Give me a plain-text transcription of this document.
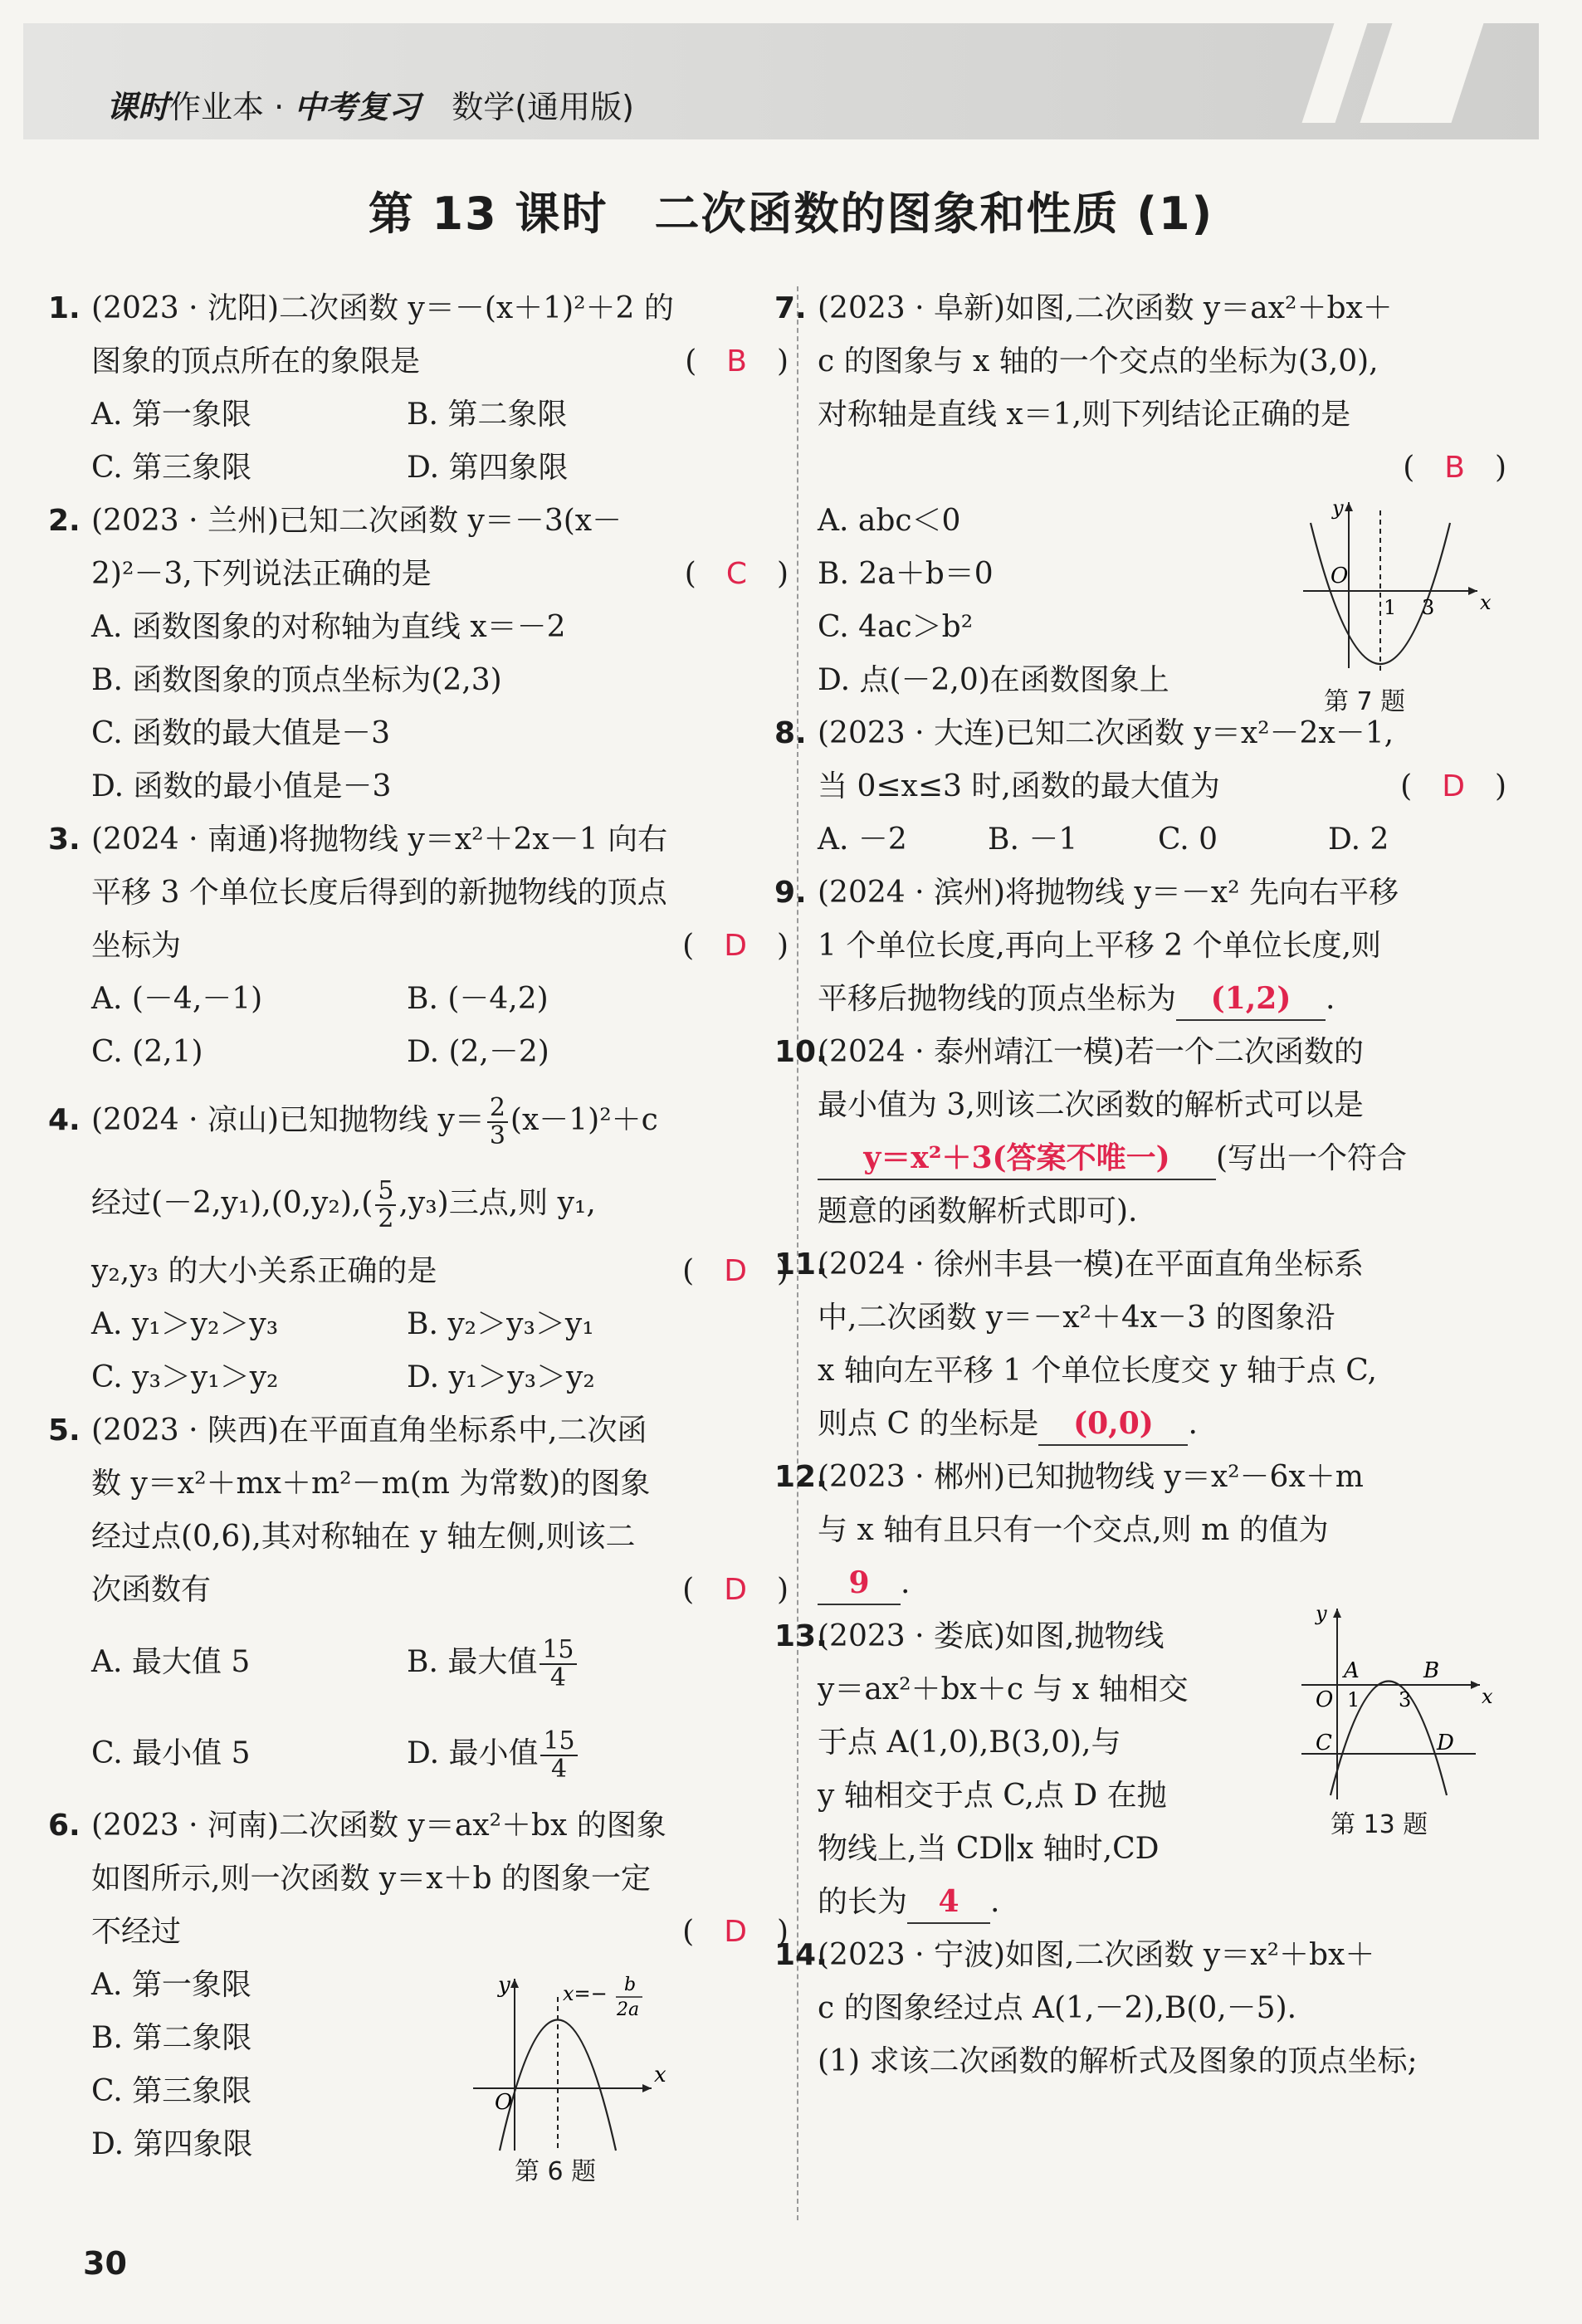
课时作业本 · 中考复习　 数学(通用版)
第 13 课时　二次函数的图象和性质 (1)
1. (2023 · 沈阳)二次函数 y＝－(x＋1)²＋2 的
图象的顶点所在的象限是	(　B　)
A. 第一象限	B. 第二象限
C. 第三象限	D. 第四象限
2. (2023 · 兰州)已知二次函数 y＝－3(x－
2)²－3,下列说法正确的是	(　C　)
A. 函数图象的对称轴为直线 x＝－2
B. 函数图象的顶点坐标为(2,3)
C. 函数的最大值是－3
D. 函数的最小值是－3
3. (2024 · 南通)将抛物线 y＝x²＋2x－1 向右
平移 3 个单位长度后得到的新抛物线的顶点
坐标为	(　D　)
A. (－4,－1)	B. (－4,2)
C. (2,1)	D. (2,－2)
4. (2024 · 凉山)已知抛物线 $y= \frac{2}{3} (x-1)^2+c$
经过$(-2,y_1),(0,y_2),( \frac{5}{2} ,y_3)$三点,则 y₁,
y₂,y₃ 的大小关系正确的是	(　D　)
A. y₁＞y₂＞y₃	B. y₂＞y₃＞y₁
C. y₃＞y₁＞y₂	D. y₁＞y₃＞y₂
5. (2023 · 陕西)在平面直角坐标系中,二次函
数 y＝x²＋mx＋m²－m(m 为常数)的图象
经过点(0,6),其对称轴在 y 轴左侧,则该二
次函数有	(　D　)
A. 最大值 5	B. 最大值 $\frac{15}{4}$
C. 最小值 5	D. 最小值 $\frac{15}{4}$
6. (2023 · 河南)二次函数 y＝ax²＋bx 的图象
如图所示,则一次函数 y＝x＋b 的图象一定
不经过	(　D　)
A. 第一象限
B. 第二象限
C. 第三象限
D. 第四象限
y
x
O
x=− b
2a
第 6 题
7. (2023 · 阜新)如图,二次函数 y＝ax²＋bx＋
c 的图象与 x 轴的一个交点的坐标为(3,0),
对称轴是直线 x＝1,则下列结论正确的是
(　B　)
A. abc＜0
B. 2a＋b＝0
C. 4ac＞b²
D. 点(－2,0)在函数图象上
y
x
O
1 3
第 7 题
8. (2023 · 大连)已知二次函数 y＝x²－2x－1,
当 0≤x≤3 时,函数的最大值为	(　D　)
A. －2	B. －1	C. 0	D. 2
9. (2024 · 滨州)将抛物线 y＝－x² 先向右平移
1 个单位长度,再向上平移 2 个单位长度,则
平移后抛物线的顶点坐标为 (1,2) .
10.
(2024 · 泰州靖江一模)若一个二次函数的
最小值为 3,则该二次函数的解析式可以是
y＝x²＋3(答案不唯一) (写出一个符合
题意的函数解析式即可).
11.
(2024 · 徐州丰县一模)在平面直角坐标系
中,二次函数 y＝－x²＋4x－3 的图象沿
x 轴向左平移 1 个单位长度交 y 轴于点 C,
则点 C 的坐标是 (0,0) .
12.
(2023 · 郴州)已知抛物线 y＝x²－6x＋m
与 x 轴有且只有一个交点,则 m 的值为
9 .
13.
(2023 · 娄底)如图,抛物线
y＝ax²＋bx＋c 与 x 轴相交
于点 A(1,0),B(3,0),与
y 轴相交于点 C,点 D 在抛
物线上,当 CD∥x 轴时,CD
的长为 4 .
y
x
O
A	B
1 3
C	D
第 13 题
14.
(2023 · 宁波)如图,二次函数 y＝x²＋bx＋
c 的图象经过点 A(1,－2),B(0,－5).
(1) 求该二次函数的解析式及图象的顶点坐标;
30
